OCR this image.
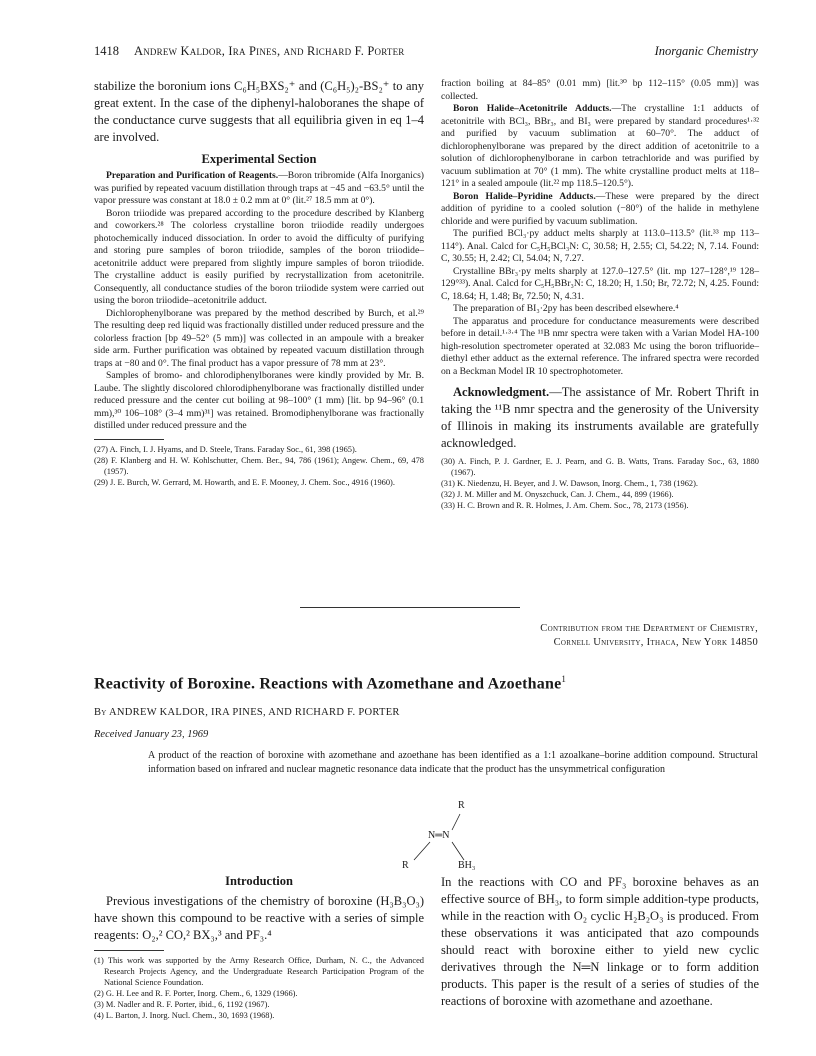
1418 Andrew Kaldor, Ira Pines, and Richard F. Porter	Inorganic Chemistry

stabilize the boronium ions C₆H₅BXS₂⁺ and (C₆H₅)₂-BS₂⁺ to any great extent. In the case of the diphenyl-haloboranes the shape of the conductance curve suggests that all equilibria given in eq 1–4 are involved.

Experimental Section

Preparation and Purification of Reagents.—Boron tribromide (Alfa Inorganics) was purified by repeated vacuum distillation through traps at −45 and −63.5° until the vapor pressure was constant at 18.0 ± 0.2 mm at 0° (lit.²⁷ 18.5 mm at 0°).

Boron triiodide was prepared according to the procedure described by Klanberg and coworkers.²⁸ The colorless crystalline boron triiodide readily undergoes photochemically induced dissociation. In order to avoid the difficulty of purifying and storing pure samples of boron triiodide, samples of the boron triiodide–acetonitrile adduct were prepared from slightly impure samples of boron triiodide. The crystalline adduct is easily purified by recrystallization from acetonitrile. Consequently, all conductance studies of the boron triiodide system were carried out using the boron triiodide–acetonitrile adduct.

Dichlorophenylborane was prepared by the method described by Burch, et al.²⁹ The resulting deep red liquid was fractionally distilled under reduced pressure and the colorless fraction [bp 49–52° (5 mm)] was collected in an ampoule with a breaker side arm. Further purification was obtained by repeated vacuum distillation through traps at −80 and 0°. The final product has a vapor pressure of 78 mm at 23°.

Samples of bromo- and chlorodiphenylboranes were kindly provided by Mr. B. Laube. The slightly discolored chlorodiphenylborane was fractionally distilled under reduced pressure and the center cut boiling at 98–100° (1 mm) [lit. bp 94–96° (0.1 mm),³⁰ 106–108° (3–4 mm)³¹] was retained. Bromodiphenylborane was fractionally distilled under reduced pressure and the

(27) A. Finch, I. J. Hyams, and D. Steele, Trans. Faraday Soc., 61, 398 (1965).

(28) F. Klanberg and H. W. Kohlschutter, Chem. Ber., 94, 786 (1961); Angew. Chem., 69, 478 (1957).

(29) J. E. Burch, W. Gerrard, M. Howarth, and E. F. Mooney, J. Chem. Soc., 4916 (1960).

fraction boiling at 84–85° (0.01 mm) [lit.³⁰ bp 112–115° (0.05 mm)] was collected.

Boron Halide–Acetonitrile Adducts.—The crystalline 1:1 adducts of acetonitrile with BCl₃, BBr₃, and BI₃ were prepared by standard procedures¹·³² and purified by vacuum sublimation at 60–70°. The adduct of dichlorophenylborane was prepared by the direct addition of acetonitrile to a solution of dichlorophenylborane in carbon tetrachloride and was purified by vacuum sublimation at 70° (1 mm). The white crystalline product melts at 118–121° in a sealed ampoule (lit.²² mp 118.5–120.5°).

Boron Halide–Pyridine Adducts.—These were prepared by the direct addition of pyridine to a cooled solution (−80°) of the halide in methylene chloride and were purified by vacuum sublimation.

The purified BCl₃·py adduct melts sharply at 113.0–113.5° (lit.³³ mp 113–114°). Anal. Calcd for C₅H₅BCl₃N: C, 30.58; H, 2.55; Cl, 54.22; N, 7.14. Found: C, 30.55; H, 2.42; Cl, 54.04; N, 7.27.

Crystalline BBr₃·py melts sharply at 127.0–127.5° (lit. mp 127–128°,¹⁹ 128–129°³³). Anal. Calcd for C₅H₅BBr₃N: C, 18.20; H, 1.50; Br, 72.72; N, 4.25. Found: C, 18.64; H, 1.48; Br, 72.50; N, 4.31.

The preparation of BI₃·2py has been described elsewhere.⁴

The apparatus and procedure for conductance measurements were described before in detail.¹·³·⁴ The ¹¹B nmr spectra were taken with a Varian Model HA-100 high-resolution spectrometer operated at 32.083 Mc using the boron trifluoride–diethyl ether adduct as the external reference. The infrared spectra were recorded on a Beckman Model IR 10 spectrophotometer.

Acknowledgment.—The assistance of Mr. Robert Thrift in taking the ¹¹B nmr spectra and the generosity of the University of Illinois in making its instruments available are gratefully acknowledged.

(30) A. Finch, P. J. Gardner, E. J. Pearn, and G. B. Watts, Trans. Faraday Soc., 63, 1880 (1967).

(31) K. Niedenzu, H. Beyer, and J. W. Dawson, Inorg. Chem., 1, 738 (1962).

(32) J. M. Miller and M. Onyszchuck, Can. J. Chem., 44, 899 (1966).

(33) H. C. Brown and R. R. Holmes, J. Am. Chem. Soc., 78, 2173 (1956).

Contribution from the Department of Chemistry,
Cornell University, Ithaca, New York 14850
Reactivity of Boroxine. Reactions with Azomethane and Azoethane$^1$
By ANDREW KALDOR, IRA PINES, AND RICHARD F. PORTER
Received January 23, 1969
A product of the reaction of boroxine with azomethane and azoethane has been identified as a 1:1 azoalkane–borine addition compound. Structural information based on infrared and nuclear magnetic resonance data indicate that the product has the unsymmetrical configuration
R
N═N
R	BH₃
Introduction

Previous investigations of the chemistry of boroxine (H₃B₃O₃) have shown this compound to be reactive with a series of simple reagents: O₂,² CO,² BX₃,³ and PF₃.⁴

(1) This work was supported by the Army Research Office, Durham, N. C., the Advanced Research Projects Agency, and the Undergraduate Research Participation Program of the National Science Foundation.

(2) G. H. Lee and R. F. Porter, Inorg. Chem., 6, 1329 (1966).

(3) M. Nadler and R. F. Porter, ibid., 6, 1192 (1967).

(4) L. Barton, J. Inorg. Nucl. Chem., 30, 1693 (1968).

In the reactions with CO and PF₃ boroxine behaves as an effective source of BH₃, to form simple addition-type products, while in the reaction with O₂ cyclic H₂B₂O₃ is produced. From these observations it was anticipated that azo compounds should react with boroxine either to yield new cyclic derivatives through the N═N linkage or to form addition products. This paper is the result of a series of studies of the reactions of boroxine with azomethane and azoethane.
